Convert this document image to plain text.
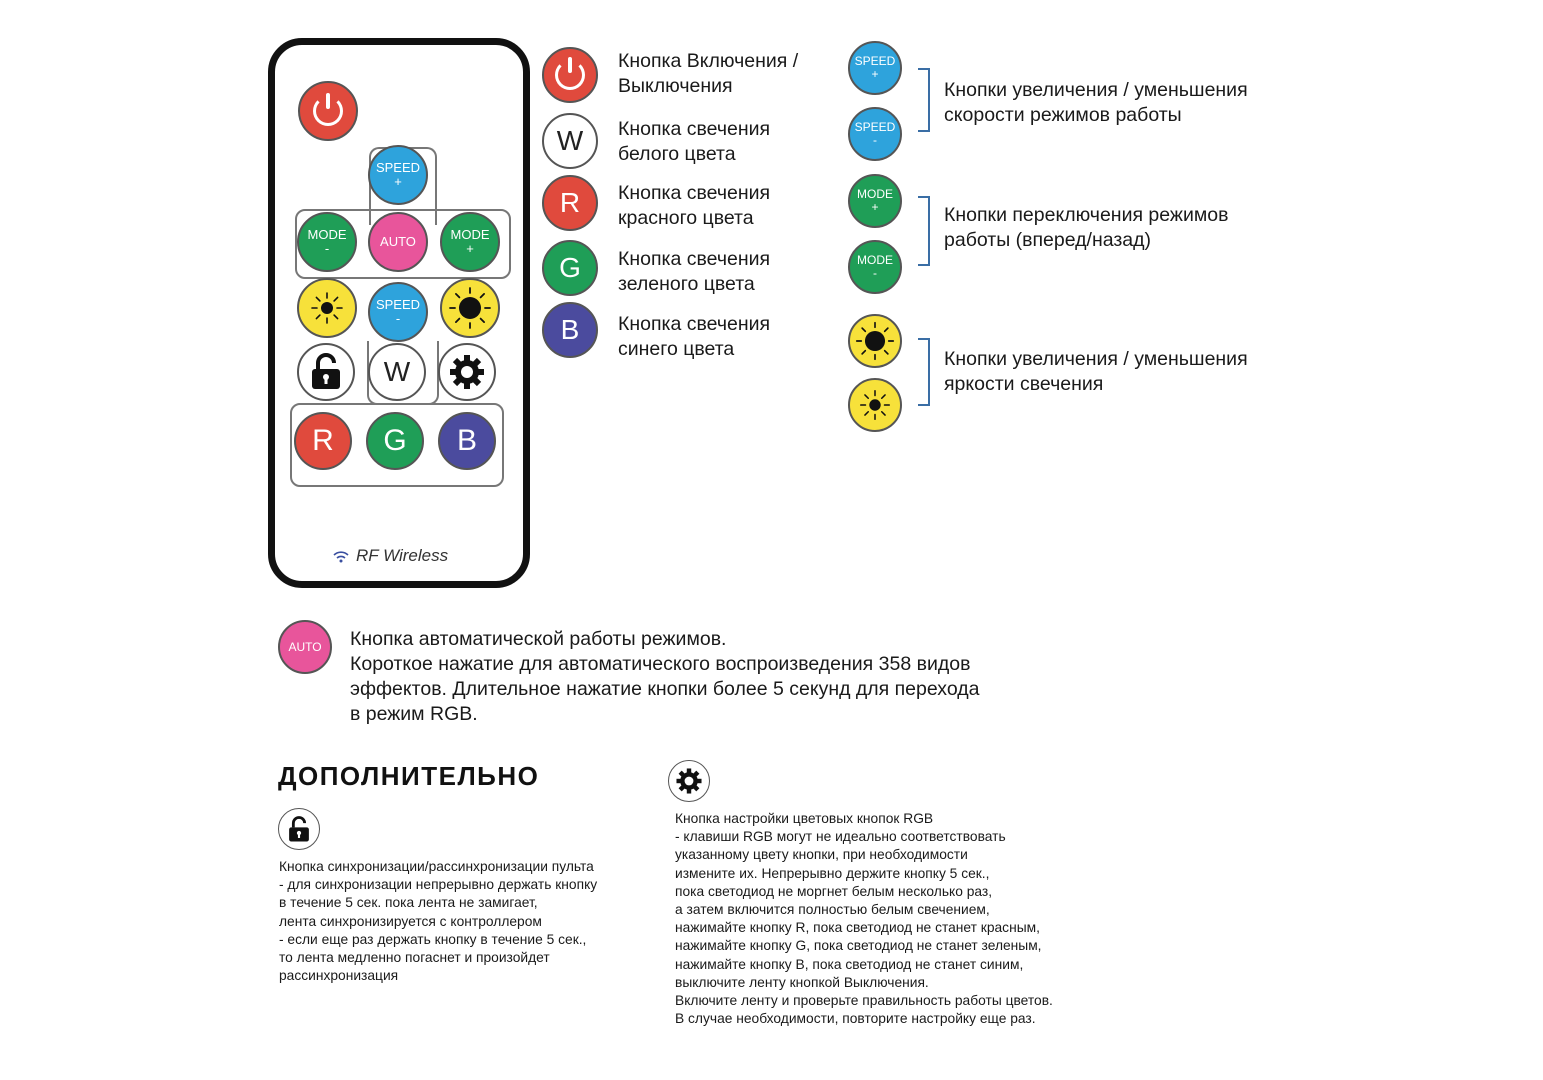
SPEED
+
MODE
-	AUTO	MODE
+
SPEED
-
W
R G B
RF Wireless
Кнопка Включения /Выключения
W Кнопка свечения белого цвета
R Кнопка свечения красного цвета
G Кнопка свечения зеленого цвета
B Кнопка свечения синего цвета
SPEED
+
SPEED
-
Кнопки увеличения / уменьшения скорости режимов работы
MODE
+
MODE
-
Кнопки переключения режимов работы (вперед/назад)
Кнопки увеличения / уменьшения яркости свечения
AUTO Кнопка автоматической работы режимов.
Короткое нажатие для автоматического воспроизведения 358 видов
эффектов. Длительное нажатие кнопки более 5 секунд для перехода
в режим RGB.
ДОПОЛНИТЕЛЬНО
Кнопка синхронизации/рассинхронизации пульта
- для синхронизации непрерывно держать кнопку
в течение 5 сек. пока лента не замигает,
лента синхронизируется с контроллером
- если еще раз держать кнопку в течение 5 сек.,
то лента медленно погаснет и произойдет
рассинхронизация
Кнопка настройки цветовых кнопок RGB
- клавиши RGB могут не идеально соответствовать
указанному цвету кнопки, при необходимости
измените их. Непрерывно держите кнопку 5 сек.,
пока светодиод не моргнет белым несколько раз,
а затем включится полностью белым свечением,
нажимайте кнопку R, пока светодиод не станет красным,
нажимайте кнопку G, пока светодиод не станет зеленым,
нажимайте кнопку B, пока светодиод не станет синим,
выключите ленту кнопкой Выключения.
Включите ленту и проверьте правильность работы цветов.
В случае необходимости, повторите настройку еще раз.
